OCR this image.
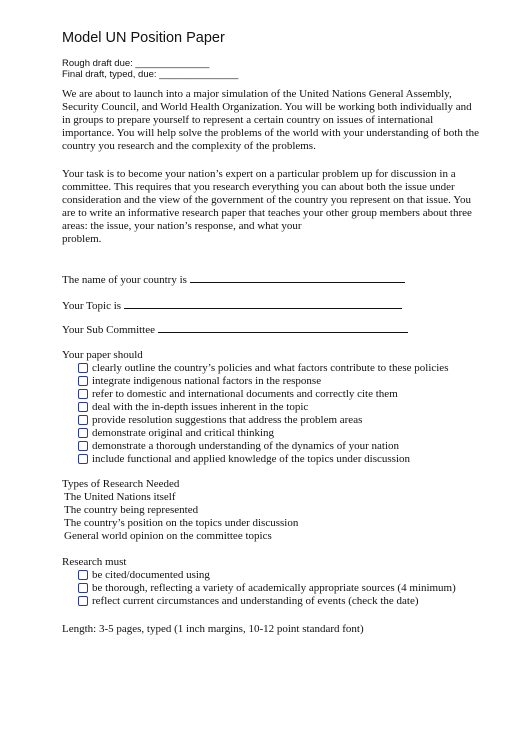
Model UN Position Paper
Rough draft due: ______________
Final draft, typed, due: _______________

We are about to launch into a major simulation of the United Nations General Assembly, Security Council, and World Health Organization. You will be working both individually and in groups to prepare yourself to represent a certain country on issues of international importance. You will help solve the problems of the world with your understanding of both the country you research and the complexity of the problems.

Your task is to become your nation’s expert on a particular problem up for discussion in a committee. This requires that you research everything you can about both the issue under consideration and the view of the government of the country you represent on that issue. You are to write an informative research paper that teaches your other group members about three areas: the issue, your nation’s response, and what your

problem.

The name of your country is
Your Topic is
Your Sub Committee
Your paper should
clearly outline the country’s policies and what factors contribute to these policies
integrate indigenous national factors in the response
refer to domestic and international documents and correctly cite them
deal with the in-depth issues inherent in the topic
provide resolution suggestions that address the problem areas
demonstrate original and critical thinking
demonstrate a thorough understanding of the dynamics of your nation
include functional and applied knowledge of the topics under discussion
Types of Research Needed
The United Nations itself
The country being represented
The country’s position on the topics under discussion
General world opinion on the committee topics
Research must
be cited/documented using
be thorough, reflecting a variety of academically appropriate sources (4 minimum)
reflect current circumstances and understanding of events (check the date)
Length: 3-5 pages, typed (1 inch margins, 10-12 point standard font)
